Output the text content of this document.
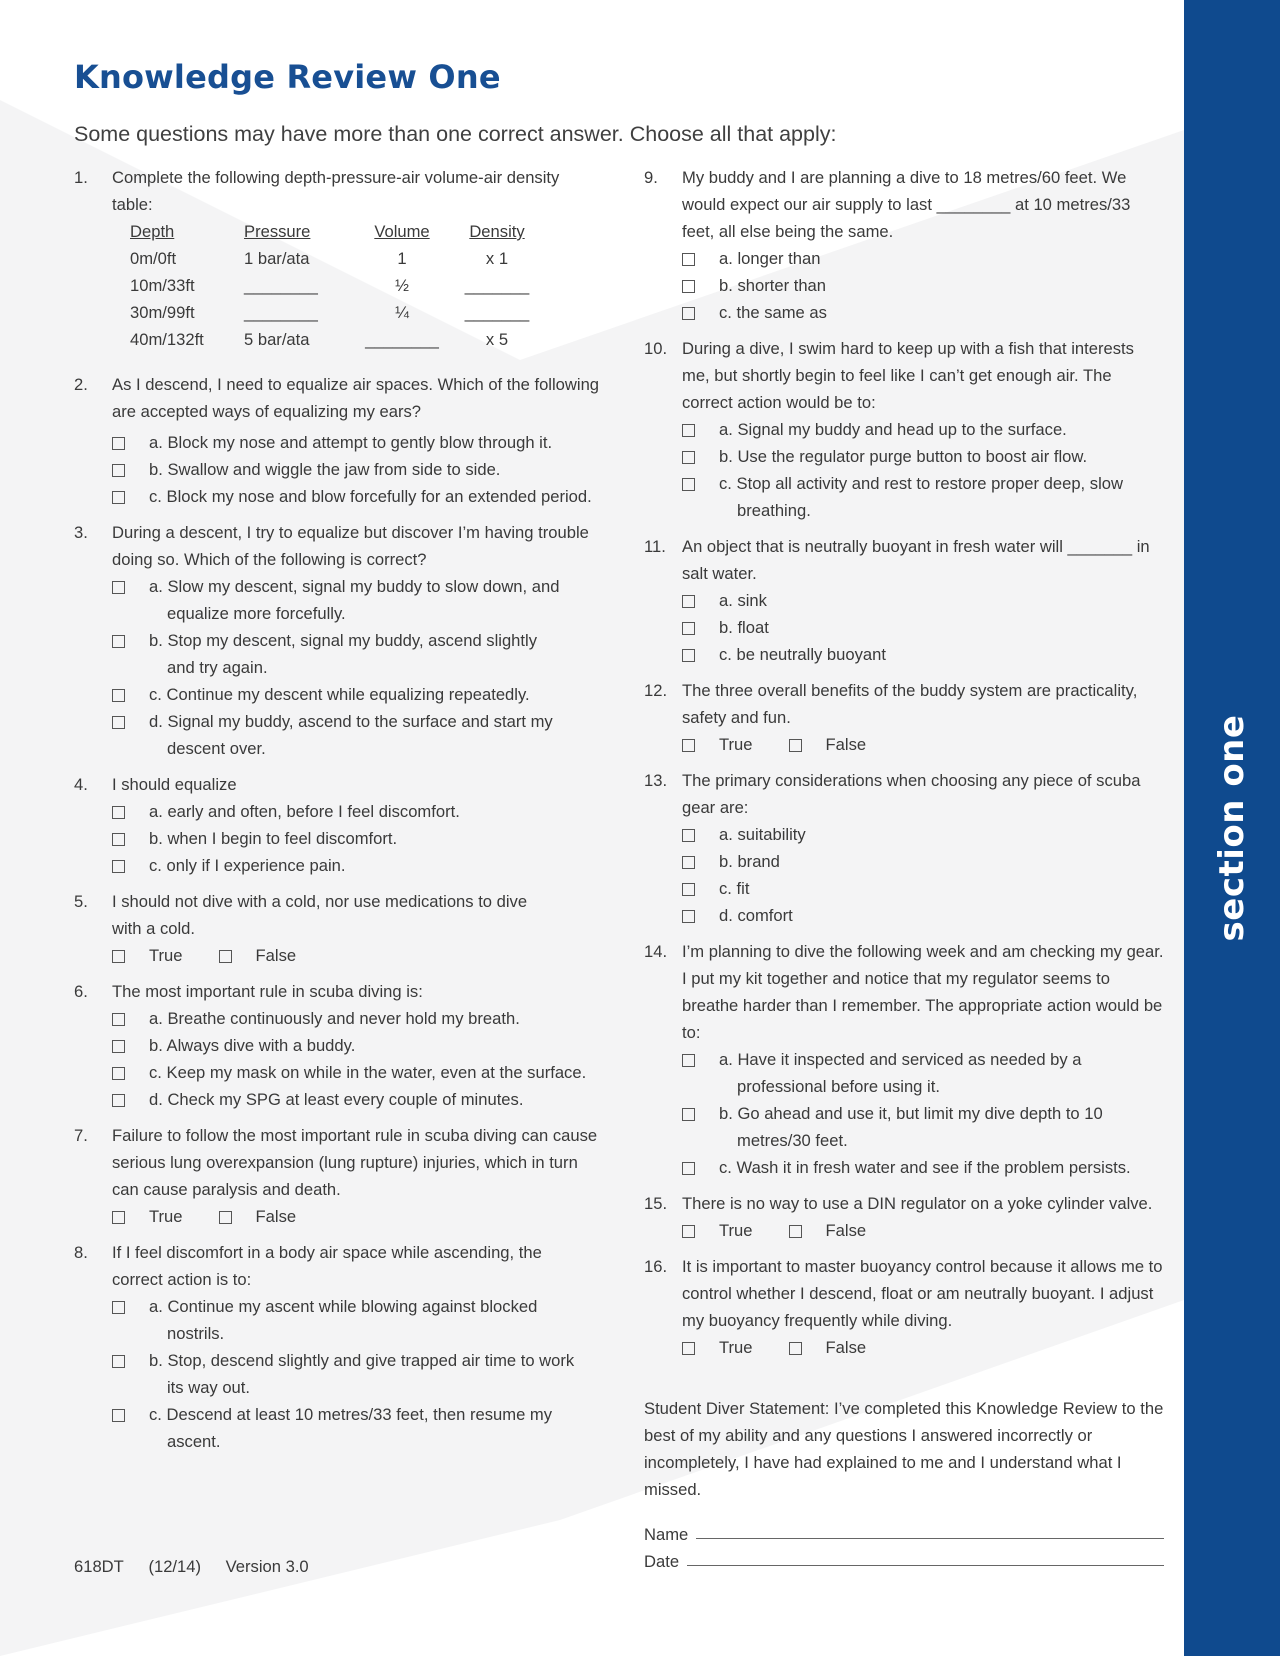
section one
Knowledge Review One
Some questions may have more than one correct answer. Choose all that apply:
1.	Complete the following depth-pressure-air volume-air density table:
Depth	Pressure	Volume	Density
0m/0ft	1 bar/ata	1	x 1
10m/33ft	________	½	_______
30m/99ft	________	¼	_______
40m/132ft	5 bar/ata	________	x 5
2.	As I descend, I need to equalize air spaces. Which of the following are accepted ways of equalizing my ears?
a. Block my nose and attempt to gently blow through it.
b. Swallow and wiggle the jaw from side to side.
c. Block my nose and blow forcefully for an extended period.
3.	During a descent, I try to equalize but discover I’m having trouble doing so. Which of the following is correct?
a. Slow my descent, signal my buddy to slow down, and equalize more forcefully.
b. Stop my descent, signal my buddy, ascend slightly and try again.
c. Continue my descent while equalizing repeatedly.
d. Signal my buddy, ascend to the surface and start my descent over.
4.	I should equalize
a. early and often, before I feel discomfort.
b. when I begin to feel discomfort.
c. only if I experience pain.
5.	I should not dive with a cold, nor use medications to dive with a cold.
True	False
6.	The most important rule in scuba diving is:
a. Breathe continuously and never hold my breath.
b. Always dive with a buddy.
c. Keep my mask on while in the water, even at the surface.
d. Check my SPG at least every couple of minutes.
7.	Failure to follow the most important rule in scuba diving can cause serious lung overexpansion (lung rupture) injuries, which in turn can cause paralysis and death.
True	False
8.	If I feel discomfort in a body air space while ascending, the correct action is to:
a. Continue my ascent while blowing against blocked nostrils.
b. Stop, descend slightly and give trapped air time to work its way out.
c. Descend at least 10 metres/33 feet, then resume my ascent.
9.	My buddy and I are planning a dive to 18 metres/60 feet. We would expect our air supply to last ________ at 10 metres/33 feet, all else being the same.
a. longer than
b. shorter than
c. the same as
10. During a dive, I swim hard to keep up with a fish that interests me, but shortly begin to feel like I can’t get enough air. The correct action would be to:
a. Signal my buddy and head up to the surface.
b. Use the regulator purge button to boost air flow.
c. Stop all activity and rest to restore proper deep, slow breathing.
11. An object that is neutrally buoyant in fresh water will _______ in salt water.
a. sink
b. float
c. be neutrally buoyant
12. The three overall benefits of the buddy system are practicality, safety and fun.
True	False
13. The primary considerations when choosing any piece of scuba gear are:
a. suitability
b. brand
c. fit
d. comfort
14. I’m planning to dive the following week and am checking my gear. I put my kit together and notice that my regulator seems to breathe harder than I remember. The appropriate action would be to:
a. Have it inspected and serviced as needed by a professional before using it.
b. Go ahead and use it, but limit my dive depth to 10 metres/30 feet.
c. Wash it in fresh water and see if the problem persists.
15. There is no way to use a DIN regulator on a yoke cylinder valve.
True	False
16. It is important to master buoyancy control because it allows me to control whether I descend, float or am neutrally buoyant. I adjust my buoyancy frequently while diving.
True	False
Student Diver Statement: I’ve completed this Knowledge Review to the best of my ability and any questions I answered incorrectly or incompletely, I have had explained to me and I understand what I missed.
Name
Date
618DT (12/14) Version 3.0
